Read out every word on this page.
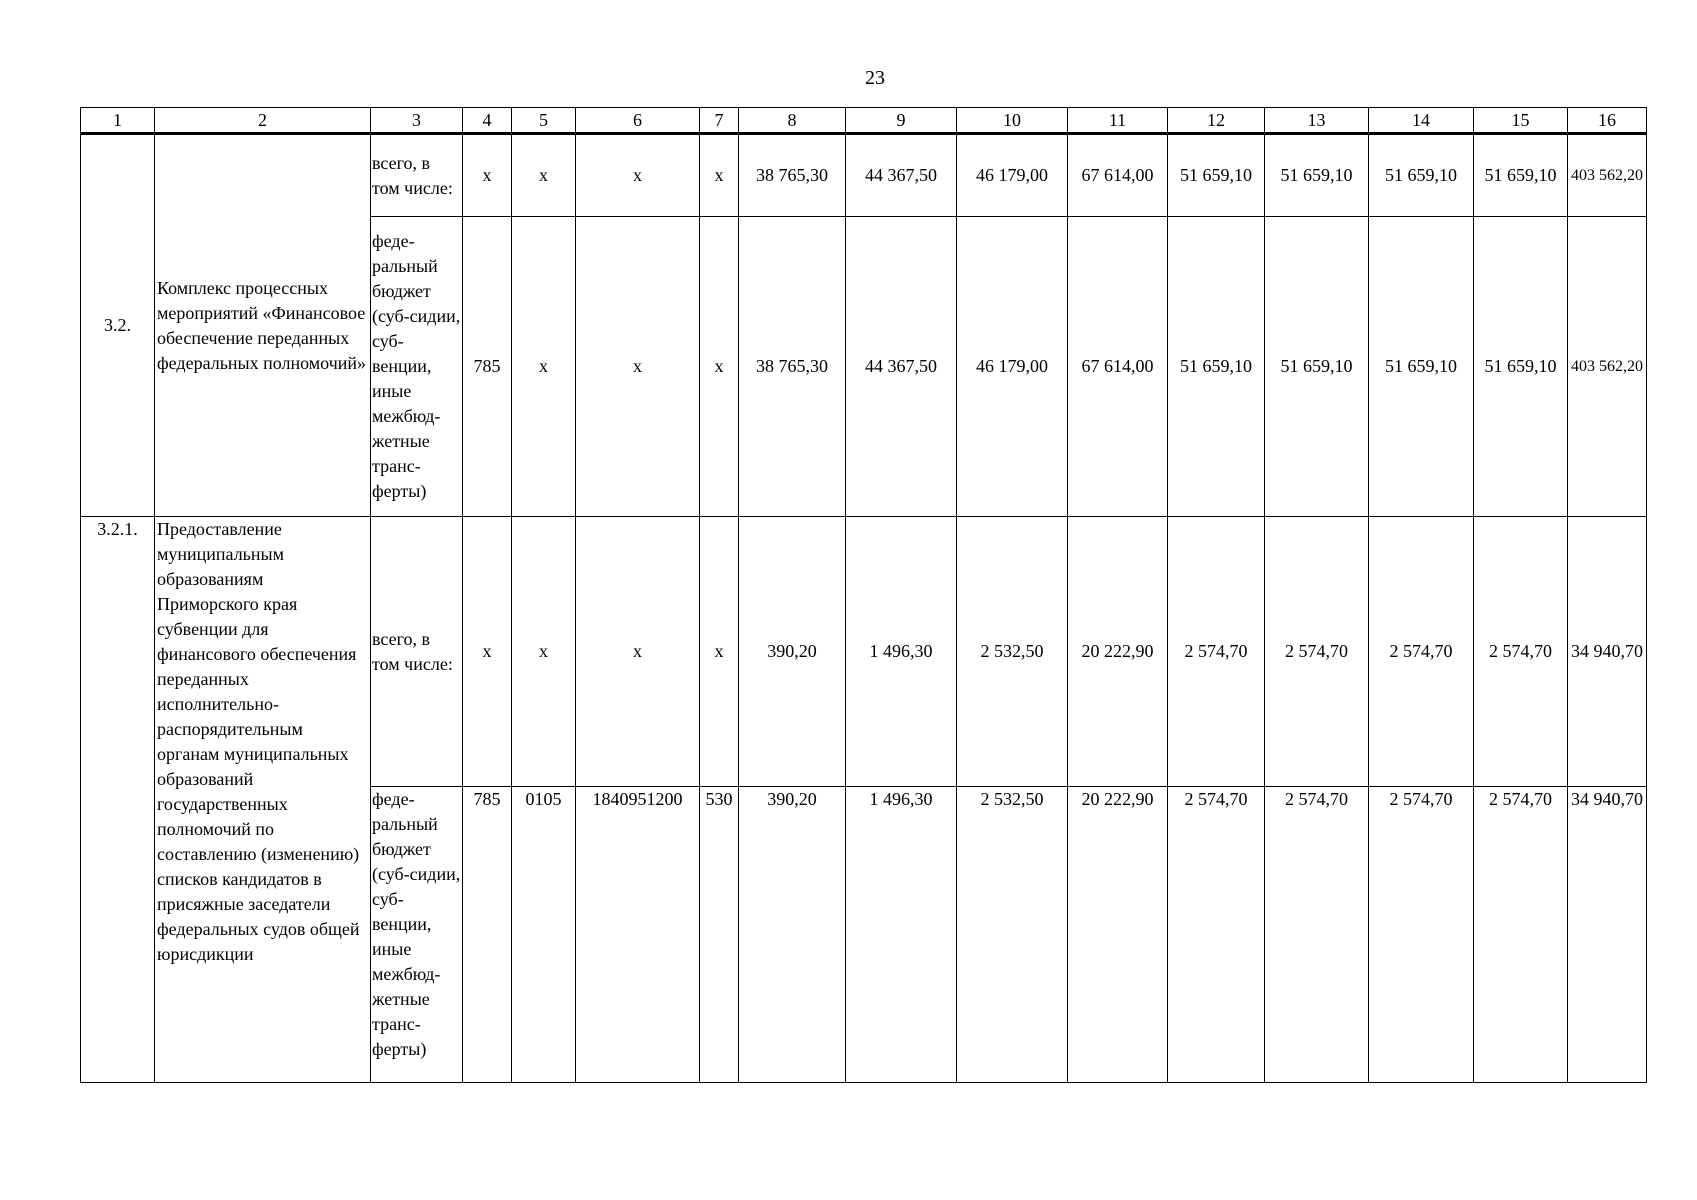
23
1	2	3	4	5	6	7	8	9	10	11	12	13	14	15	16
3.2.	Комплекс процессных мероприятий «Финансовое обеспечение переданных федеральных полномочий»	всего, в том числе:	х	х	х	х	38 765,30	44 367,50	46 179,00	67 614,00	51 659,10	51 659,10	51 659,10	51 659,10	403 562,20
		феде-ральный бюджет (суб-сидии, суб-венции, иные межбюд-жетные транс-ферты)	785	х	х	х	38 765,30	44 367,50	46 179,00	67 614,00	51 659,10	51 659,10	51 659,10	51 659,10	403 562,20
3.2.1.	Предоставление муниципальным образованиям Приморского края субвенции для финансового обеспечения переданных исполнительно-распорядительным органам муниципальных образований государственных полномочий по составлению (изменению) списков кандидатов в присяжные заседатели федеральных судов общей юрисдикции	всего, в том числе:	х	х	х	х	390,20	1 496,30	2 532,50	20 222,90	2 574,70	2 574,70	2 574,70	2 574,70	34 940,70
		феде-ральный бюджет (суб-сидии, суб-венции, иные межбюд-жетные транс-ферты)	785	0105	1840951200	530	390,20	1 496,30	2 532,50	20 222,90	2 574,70	2 574,70	2 574,70	2 574,70	34 940,70
